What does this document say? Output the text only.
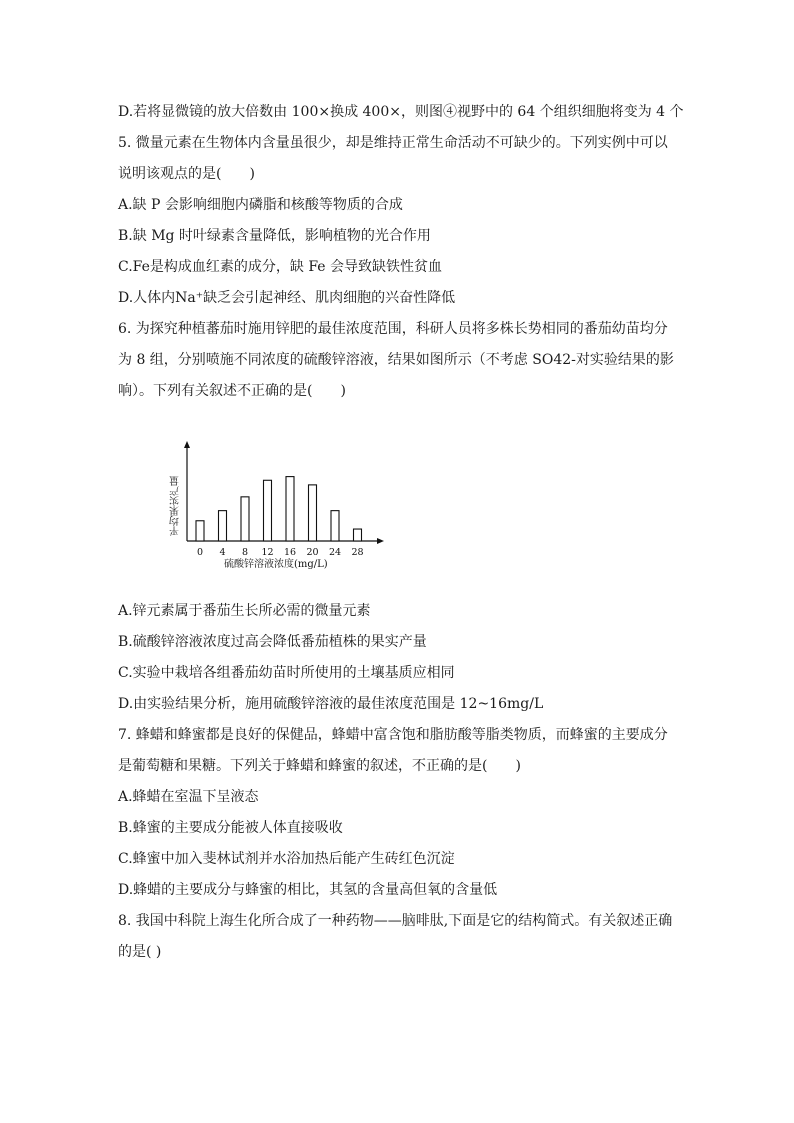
D.若将显微镜的放大倍数由 100×换成 400×，则图④视野中的 64 个组织细胞将变为 4 个
5. 微量元素在生物体内含量虽很少，却是维持正常生命活动不可缺少的。下列实例中可以
说明该观点的是(　　)
A.缺 P 会影响细胞内磷脂和核酸等物质的合成
B.缺 Mg 时叶绿素含量降低，影响植物的光合作用
C.Fe是构成血红素的成分，缺 Fe 会导致缺铁性贫血
D.人体内Na⁺缺乏会引起神经、肌肉细胞的兴奋性降低
6. 为探究种植蕃茄时施用锌肥的最佳浓度范围，科研人员将多株长势相同的番茄幼苗均分
为 8 组，分别喷施不同浓度的硫酸锌溶液，结果如图所示（不考虑 SO42-对实验结果的影
响）。下列有关叙述不正确的是(　　)
0 4 8 12 16 20 24 28
平均果实产量
硫酸锌溶液浓度(mg/L)
A.锌元素属于番茄生长所必需的微量元素
B.硫酸锌溶液浓度过高会降低番茄植株的果实产量
C.实验中栽培各组番茄幼苗时所使用的土壤基质应相同
D.由实验结果分析，施用硫酸锌溶液的最佳浓度范围是 12~16mg/L
7. 蜂蜡和蜂蜜都是良好的保健品，蜂蜡中富含饱和脂肪酸等脂类物质，而蜂蜜的主要成分
是葡萄糖和果糖。下列关于蜂蜡和蜂蜜的叙述，不正确的是(　　)
A.蜂蜡在室温下呈液态
B.蜂蜜的主要成分能被人体直接吸收
C.蜂蜜中加入斐林试剂并水浴加热后能产生砖红色沉淀
D.蜂蜡的主要成分与蜂蜜的相比，其氢的含量高但氧的含量低
8. 我国中科院上海生化所合成了一种药物——脑啡肽,下面是它的结构简式。有关叙述正确
的是( )
